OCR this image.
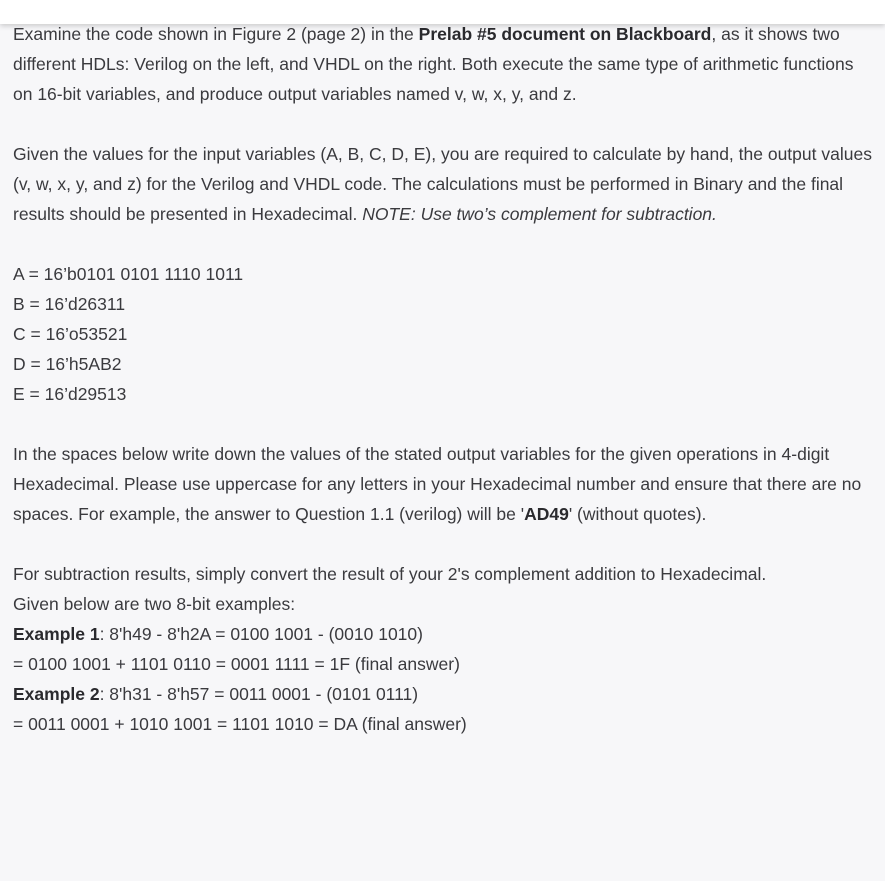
Examine the code shown in Figure 2 (page 2) in the Prelab #5 document on Blackboard, as it shows two different HDLs: Verilog on the left, and VHDL on the right. Both execute the same type of arithmetic functions on 16-bit variables, and produce output variables named v, w, x, y, and z.

Given the values for the input variables (A, B, C, D, E), you are required to calculate by hand, the output values (v, w, x, y, and z) for the Verilog and VHDL code. The calculations must be performed in Binary and the final results should be presented in Hexadecimal. NOTE: Use two’s complement for subtraction.

A = 16’b0101 0101 1110 1011

B = 16’d26311

C = 16’o53521

D = 16’h5AB2

E = 16’d29513

In the spaces below write down the values of the stated output variables for the given operations in 4-digit Hexadecimal. Please use uppercase for any letters in your Hexadecimal number and ensure that there are no spaces. For example, the answer to Question 1.1 (verilog) will be 'AD49' (without quotes).

For subtraction results, simply convert the result of your 2's complement addition to Hexadecimal.

Given below are two 8-bit examples:

Example 1: 8'h49 - 8'h2A = 0100 1001 - (0010 1010)

= 0100 1001 + 1101 0110 = 0001 1111 = 1F (final answer)

Example 2: 8'h31 - 8'h57 = 0011 0001 - (0101 0111)

= 0011 0001 + 1010 1001 = 1101 1010 = DA (final answer)
